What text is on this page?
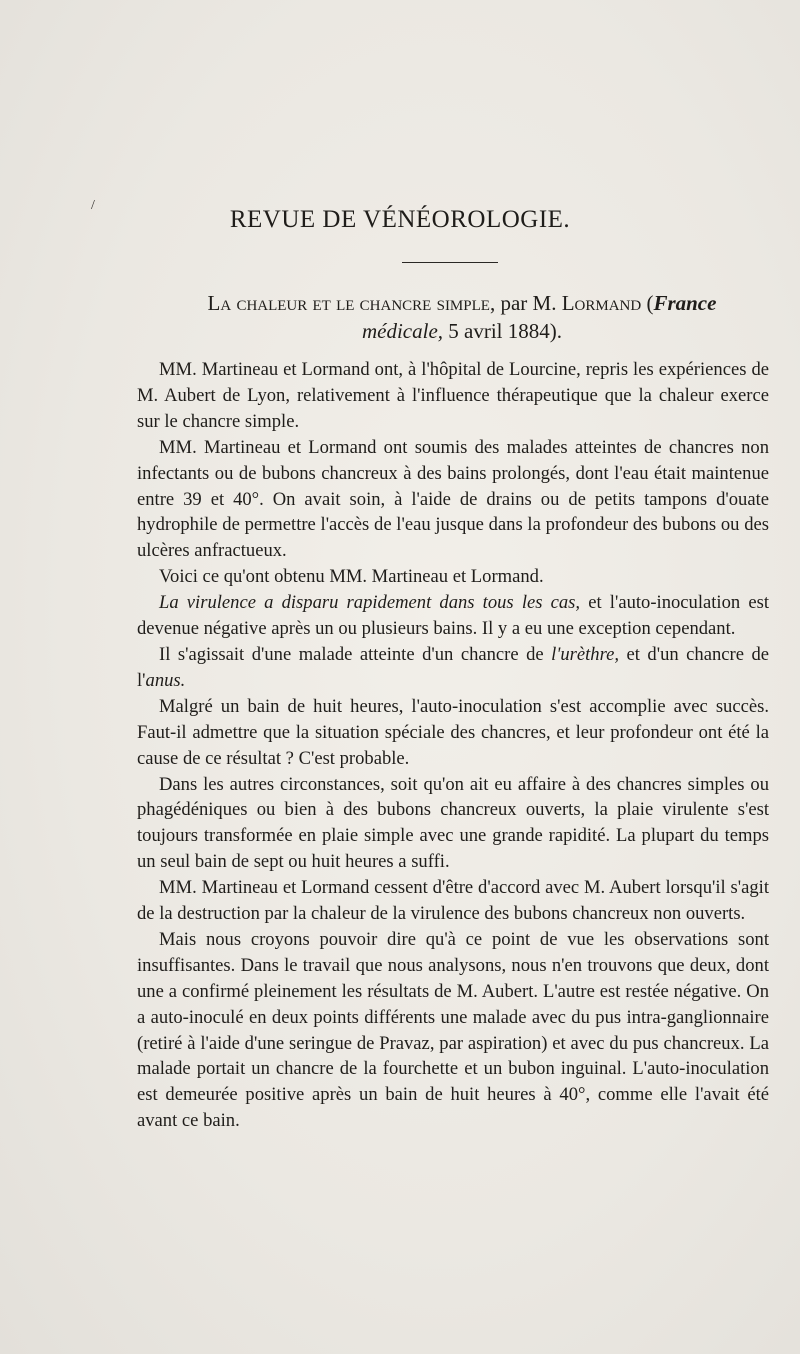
/
REVUE DE VÉNÉOROLOGIE.
La chaleur et le chancre simple, par M. Lormand (France
médicale, 5 avril 1884).

MM. Martineau et Lormand ont, à l'hôpital de Lourcine, repris les expériences de M. Aubert de Lyon, relativement à l'influence thérapeutique que la chaleur exerce sur le chancre simple.

MM. Martineau et Lormand ont soumis des malades atteintes de chancres non infectants ou de bubons chancreux à des bains prolongés, dont l'eau était maintenue entre 39 et 40°. On avait soin, à l'aide de drains ou de petits tampons d'ouate hydrophile de permettre l'accès de l'eau jusque dans la profondeur des bubons ou des ulcères anfractueux.

Voici ce qu'ont obtenu MM. Martineau et Lormand.

La virulence a disparu rapidement dans tous les cas, et l'auto-inoculation est devenue négative après un ou plusieurs bains. Il y a eu une exception cependant.

Il s'agissait d'une malade atteinte d'un chancre de l'urèthre, et d'un chancre de l'anus.

Malgré un bain de huit heures, l'auto-inoculation s'est accomplie avec succès. Faut-il admettre que la situation spéciale des chancres, et leur profondeur ont été la cause de ce résultat ? C'est probable.

Dans les autres circonstances, soit qu'on ait eu affaire à des chancres simples ou phagédéniques ou bien à des bubons chancreux ouverts, la plaie virulente s'est toujours transformée en plaie simple avec une grande rapidité. La plupart du temps un seul bain de sept ou huit heures a suffi.

MM. Martineau et Lormand cessent d'être d'accord avec M. Aubert lorsqu'il s'agit de la destruction par la chaleur de la virulence des bubons chancreux non ouverts.

Mais nous croyons pouvoir dire qu'à ce point de vue les observations sont insuffisantes. Dans le travail que nous analysons, nous n'en trouvons que deux, dont une a confirmé pleinement les résultats de M. Aubert. L'autre est restée négative. On a auto-inoculé en deux points différents une malade avec du pus intra-ganglionnaire (retiré à l'aide d'une seringue de Pravaz, par aspiration) et avec du pus chancreux. La malade portait un chancre de la fourchette et un bubon inguinal. L'auto-inoculation est demeurée positive après un bain de huit heures à 40°, comme elle l'avait été avant ce bain.
